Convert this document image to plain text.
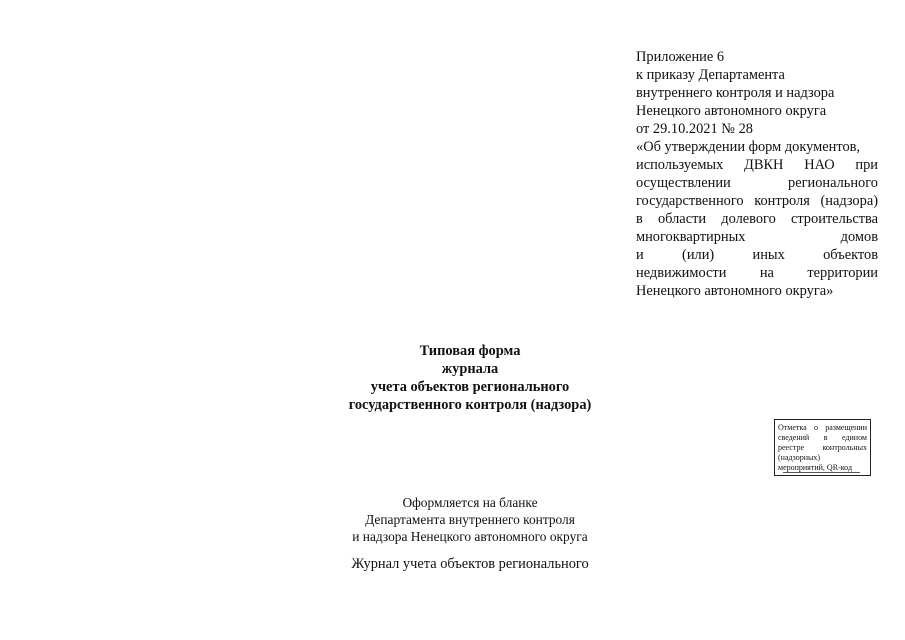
Приложение 6
к приказу Департамента
внутреннего контроля и надзора
Ненецкого автономного округа
от 29.10.2021 № 28
«Об утверждении форм документов,
используемых ДВКН НАО при
осуществлении регионального
государственного контроля (надзора)
в области долевого строительства
многоквартирных домов
и (или) иных объектов
недвижимости на территории
Ненецкого автономного округа»
Типовая форма
журнала
учета объектов регионального
государственного контроля (надзора)
Отметка о размещении
сведений в едином
реестре контрольных
(надзорных)
мероприятий, QR-код
Оформляется на бланке
Департамента внутреннего контроля
и надзора Ненецкого автономного округа
Журнал учета объектов регионального
